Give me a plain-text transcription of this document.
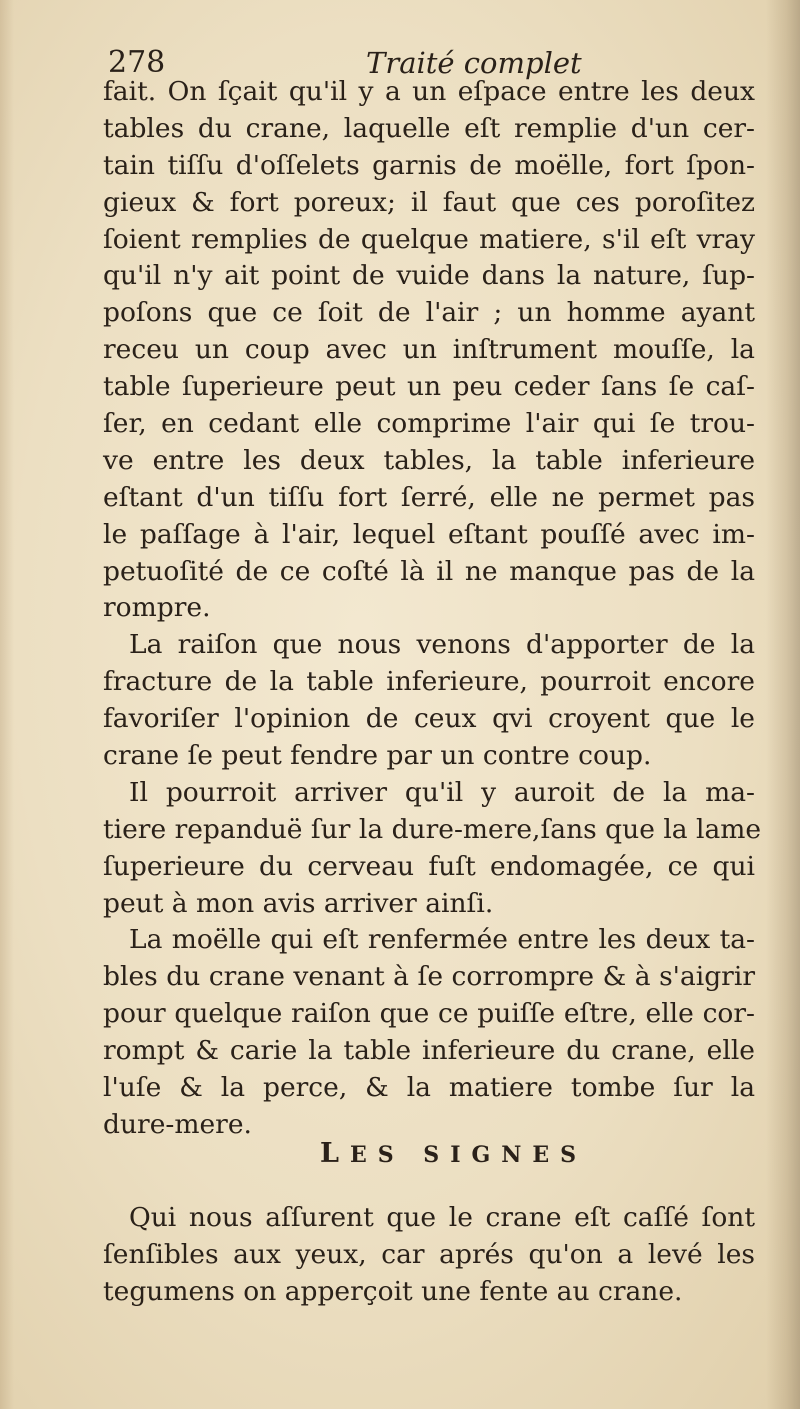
278	Traité complet
fait. On ſçait qu'il y a un eſpace entre les deux
tables du crane, laquelle eſt remplie d'un cer-
tain tiſſu d'oſſelets garnis de moëlle, fort ſpon-
gieux & fort poreux; il faut que ces poroſitez
ſoient remplies de quelque matiere, s'il eſt vray
qu'il n'y ait point de vuide dans la nature, ſup-
poſons que ce ſoit de l'air ; un homme ayant
receu un coup avec un inſtrument mouſſe, la
table ſuperieure peut un peu ceder ſans ſe caſ-
ſer, en cedant elle comprime l'air qui ſe trou-
ve entre les deux tables, la table inferieure
eſtant d'un tiſſu fort ſerré, elle ne permet pas
le paſſage à l'air, lequel eſtant pouſſé avec im-
petuoſité de ce coſté là il ne manque pas de la
rompre.
La raiſon que nous venons d'apporter de la
fracture de la table inferieure, pourroit encore
favoriſer l'opinion de ceux qvi croyent que le
crane ſe peut fendre par un contre coup.
Il pourroit arriver qu'il y auroit de la ma-
tiere repanduë ſur la dure-mere,ſans que la lame
ſuperieure du cerveau fuſt endomagée, ce qui
peut à mon avis arriver ainſi.
La moëlle qui eſt renfermée entre les deux ta-
bles du crane venant à ſe corrompre & à s'aigrir
pour quelque raiſon que ce puiſſe eſtre, elle cor-
rompt & carie la table inferieure du crane, elle
l'uſe & la perce, & la matiere tombe ſur la
dure-mere.
LES SIGNES
Qui nous aſſurent que le crane eſt caſſé ſont
ſenſibles aux yeux, car aprés qu'on a levé les
tegumens on apperçoit une fente au crane.
